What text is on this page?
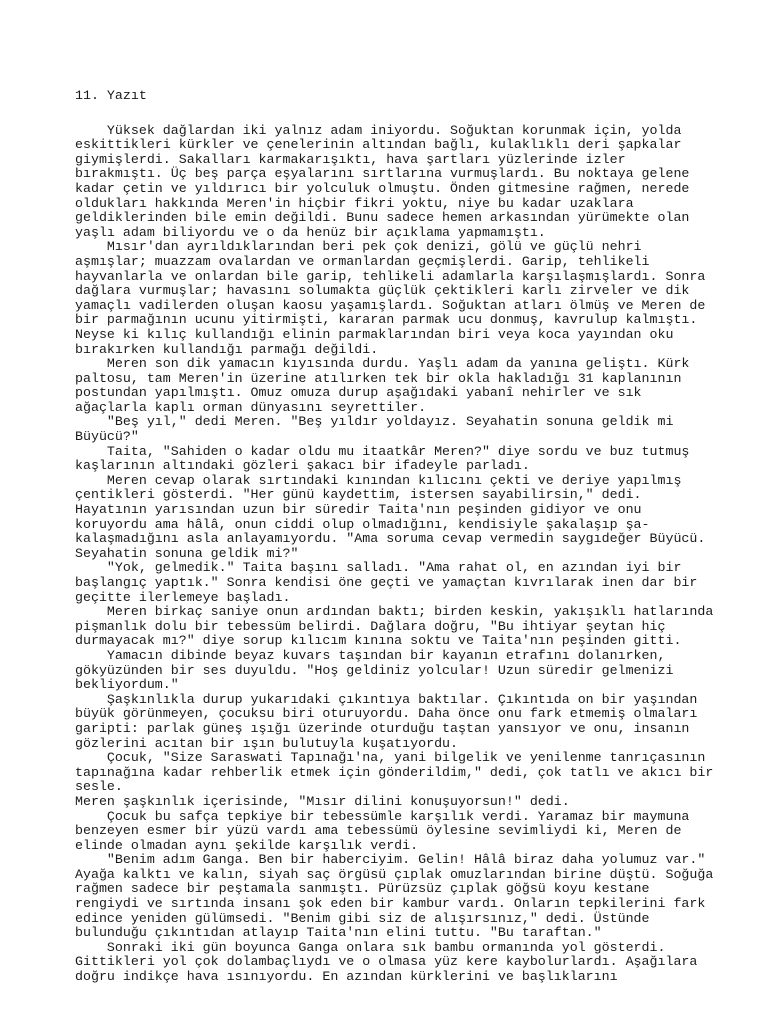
11. Yazıt
Yüksek dağlardan iki yalnız adam iniyordu. Soğuktan korunmak için, yolda
eskittikleri kürkler ve çenelerinin altından bağlı, kulaklıklı deri şapkalar
giymişlerdi. Sakalları karmakarışıktı, hava şartları yüzlerinde izler
bırakmıştı. Üç beş parça eşyalarını sırtlarına vurmuşlardı. Bu noktaya gelene
kadar çetin ve yıldırıcı bir yolculuk olmuştu. Önden gitmesine rağmen, nerede
oldukları hakkında Meren'in hiçbir fikri yoktu, niye bu kadar uzaklara
geldiklerinden bile emin değildi. Bunu sadece hemen arkasından yürümekte olan
yaşlı adam biliyordu ve o da henüz bir açıklama yapmamıştı.
Mısır'dan ayrıldıklarından beri pek çok denizi, gölü ve güçlü nehri
aşmışlar; muazzam ovalardan ve ormanlardan geçmişlerdi. Garip, tehlikeli
hayvanlarla ve onlardan bile garip, tehlikeli adamlarla karşılaşmışlardı. Sonra
dağlara vurmuşlar; havasını solumakta güçlük çektikleri karlı zirveler ve dik
yamaçlı vadilerden oluşan kaosu yaşamışlardı. Soğuktan atları ölmüş ve Meren de
bir parmağının ucunu yitirmişti, kararan parmak ucu donmuş, kavrulup kalmıştı.
Neyse ki kılıç kullandığı elinin parmaklarından biri veya koca yayından oku
bırakırken kullandığı parmağı değildi.
Meren son dik yamacın kıyısında durdu. Yaşlı adam da yanına geliştı. Kürk
paltosu, tam Meren'in üzerine atılırken tek bir okla hakladığı 31 kaplanının
postundan yapılmıştı. Omuz omuza durup aşağıdaki yabanî nehirler ve sık
ağaçlarla kaplı orman dünyasını seyrettiler.
"Beş yıl," dedi Meren. "Beş yıldır yoldayız. Seyahatin sonuna geldik mi
Büyücü?"
Taita, "Sahiden o kadar oldu mu itaatkâr Meren?" diye sordu ve buz tutmuş
kaşlarının altındaki gözleri şakacı bir ifadeyle parladı.
Meren cevap olarak sırtındaki kınından kılıcını çekti ve deriye yapılmış
çentikleri gösterdi. "Her günü kaydettim, istersen sayabilirsin," dedi.
Hayatının yarısından uzun bir süredir Taita'nın peşinden gidiyor ve onu
koruyordu ama hâlâ, onun ciddi olup olmadığını, kendisiyle şakalaşıp şa-
kalaşmadığını asla anlayamıyordu. "Ama soruma cevap vermedin saygıdeğer Büyücü.
Seyahatin sonuna geldik mi?"
"Yok, gelmedik." Taita başını salladı. "Ama rahat ol, en azından iyi bir
başlangıç yaptık." Sonra kendisi öne geçti ve yamaçtan kıvrılarak inen dar bir
geçitte ilerlemeye başladı.
Meren birkaç saniye onun ardından baktı; birden keskin, yakışıklı hatlarında
pişmanlık dolu bir tebessüm belirdi. Dağlara doğru, "Bu ihtiyar şeytan hiç
durmayacak mı?" diye sorup kılıcım kınına soktu ve Taita'nın peşinden gitti.
Yamacın dibinde beyaz kuvars taşından bir kayanın etrafını dolanırken,
gökyüzünden bir ses duyuldu. "Hoş geldiniz yolcular! Uzun süredir gelmenizi
bekliyordum."
Şaşkınlıkla durup yukarıdaki çıkıntıya baktılar. Çıkıntıda on bir yaşından
büyük görünmeyen, çocuksu biri oturuyordu. Daha önce onu fark etmemiş olmaları
garipti: parlak güneş ışığı üzerinde oturduğu taştan yansıyor ve onu, insanın
gözlerini acıtan bir ışın bulutuyla kuşatıyordu.
Çocuk, "Size Saraswati Tapınağı'na, yani bilgelik ve yenilenme tanrıçasının
tapınağına kadar rehberlik etmek için gönderildim," dedi, çok tatlı ve akıcı bir
sesle.
Meren şaşkınlık içerisinde, "Mısır dilini konuşuyorsun!" dedi.
Çocuk bu safça tepkiye bir tebessümle karşılık verdi. Yaramaz bir maymuna
benzeyen esmer bir yüzü vardı ama tebessümü öylesine sevimliydi ki, Meren de
elinde olmadan aynı şekilde karşılık verdi.
"Benim adım Ganga. Ben bir haberciyim. Gelin! Hâlâ biraz daha yolumuz var."
Ayağa kalktı ve kalın, siyah saç örgüsü çıplak omuzlarından birine düştü. Soğuğa
rağmen sadece bir peştamala sanmıştı. Pürüzsüz çıplak göğsü koyu kestane
rengiydi ve sırtında insanı şok eden bir kambur vardı. Onların tepkilerini fark
edince yeniden gülümsedi. "Benim gibi siz de alışırsınız," dedi. Üstünde
bulunduğu çıkıntıdan atlayıp Taita'nın elini tuttu. "Bu taraftan."
Sonraki iki gün boyunca Ganga onlara sık bambu ormanında yol gösterdi.
Gittikleri yol çok dolambaçlıydı ve o olmasa yüz kere kaybolurlardı. Aşağılara
doğru indikçe hava ısınıyordu. En azından kürklerini ve başlıklarını
